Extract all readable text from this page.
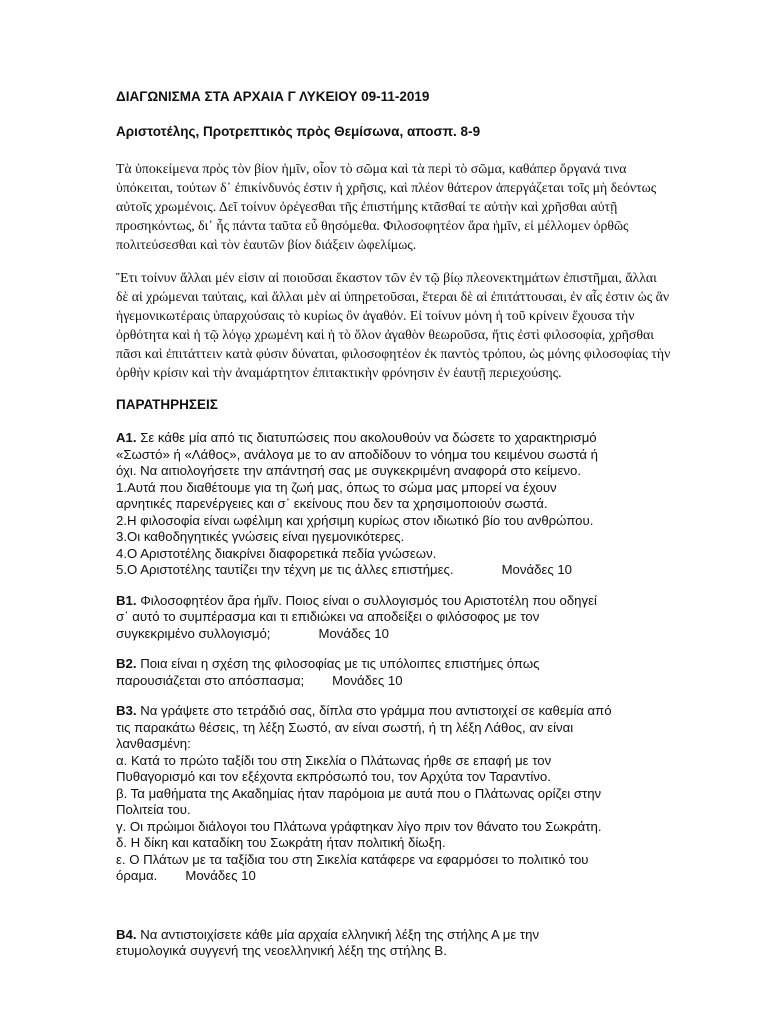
ΔΙΑΓΩΝΙΣΜΑ ΣΤΑ ΑΡΧΑΙΑ Γ ΛΥΚΕΙΟΥ 09-11-2019
Αριστοτέλης, Προτρεπτικὸς πρὸς Θεμίσωνα, αποσπ. 8-9
Τὰ ὑποκείμενα πρὸς τὸν βίον ἡμῖν, οἷον τὸ σῶμα καὶ τὰ περὶ τὸ σῶμα, καθάπερ ὄργανά τινα ὑπόκειται, τούτων δ᾽ ἐπικίνδυνός ἐστιν ἡ χρῆσις, καὶ πλέον θάτερον ἀπεργάζεται τοῖς μὴ δεόντως αὐτοῖς χρωμένοις. Δεῖ τοίνυν ὀρέγεσθαι τῆς ἐπιστήμης κτᾶσθαί τε αὐτὴν καὶ χρῆσθαι αὐτῇ προσηκόντως, δι᾽ ἧς πάντα ταῦτα εὖ θησόμεθα. Φιλοσοφητέον ἄρα ἡμῖν, εἰ μέλλομεν ὀρθῶς πολιτεύσεσθαι καὶ τὸν ἑαυτῶν βίον διάξειν ὠφελίμως.
Ἔτι τοίνυν ἄλλαι μέν εἰσιν αἱ ποιοῦσαι ἕκαστον τῶν ἐν τῷ βίῳ πλεονεκτημάτων ἐπιστῆμαι, ἄλλαι δὲ αἱ χρώμεναι ταύταις, καὶ ἄλλαι μὲν αἱ ὑπηρετοῦσαι, ἕτεραι δὲ αἱ ἐπιτάττουσαι, ἐν αἷς ἐστιν ὡς ἂν ἡγεμονικωτέραις ὑπαρχούσαις τὸ κυρίως ὂν ἀγαθόν. Εἰ τοίνυν μόνη ἡ τοῦ κρίνειν ἔχουσα τὴν ὀρθότητα καὶ ἡ τῷ λόγῳ χρωμένη καὶ ἡ τὸ ὅλον ἀγαθὸν θεωροῦσα, ἥτις ἐστὶ φιλοσοφία, χρῆσθαι πᾶσι καὶ ἐπιτάττειν κατὰ φύσιν δύναται, φιλοσοφητέον ἐκ παντὸς τρόπου, ὡς μόνης φιλοσοφίας τὴν ὀρθὴν κρίσιν καὶ τὴν ἀναμάρτητον ἐπιτακτικὴν φρόνησιν ἐν ἑαυτῇ περιεχούσης.
ΠΑΡΑΤΗΡΗΣΕΙΣ
Α1. Σε κάθε μία από τις διατυπώσεις που ακολουθούν να δώσετε το χαρακτηρισμό
«Σωστό» ή «Λάθος», ανάλογα με το αν αποδίδουν το νόημα του κειμένου σωστά ή
όχι. Να αιτιολογήσετε την απάντησή σας με συγκεκριμένη αναφορά στο κείμενο.
1.Αυτά που διαθέτουμε για τη ζωή μας, όπως το σώμα μας μπορεί να έχουν
αρνητικές παρενέργειες και σ᾽ εκείνους που δεν τα χρησιμοποιούν σωστά.
2.Η φιλοσοφία είναι ωφέλιμη και χρήσιμη κυρίως στον ιδιωτικό βίο του ανθρώπου.
3.Οι καθοδηγητικές γνώσεις είναι ηγεμονικότερες.
4.Ο Αριστοτέλης διακρίνει διαφορετικά πεδία γνώσεων.
5.Ο Αριστοτέλης ταυτίζει την τέχνη με τις άλλες επιστήμες.	Μονάδες 10
Β1. Φιλοσοφητέον ἄρα ἡμῖν. Ποιος είναι ο συλλογισμός του Αριστοτέλη που οδηγεί
σ᾽ αυτό το συμπέρασμα και τι επιδιώκει να αποδείξει ο φιλόσοφος με τον
συγκεκριμένο συλλογισμό;	Μονάδες 10
Β2. Ποια είναι η σχέση της φιλοσοφίας με τις υπόλοιπες επιστήμες όπως
παρουσιάζεται στο απόσπασμα; Μονάδες 10
Β3. Να γράψετε στο τετράδιό σας, δίπλα στο γράμμα που αντιστοιχεί σε καθεμία από
τις παρακάτω θέσεις, τη λέξη Σωστό, αν είναι σωστή, ή τη λέξη Λάθος, αν είναι
λανθασμένη:
α. Κατά το πρώτο ταξίδι του στη Σικελία ο Πλάτωνας ήρθε σε επαφή με τον
Πυθαγορισμό και τον εξέχοντα εκπρόσωπό του, τον Αρχύτα τον Ταραντίνο.
β. Τα μαθήματα της Ακαδημίας ήταν παρόμοια με αυτά που ο Πλάτωνας ορίζει στην
Πολιτεία του.
γ. Οι πρώιμοι διάλογοι του Πλάτωνα γράφτηκαν λίγο πριν τον θάνατο του Σωκράτη.
δ. Η δίκη και καταδίκη του Σωκράτη ήταν πολιτική δίωξη.
ε. Ο Πλάτων με τα ταξίδια του στη Σικελία κατάφερε να εφαρμόσει το πολιτικό του
όραμα. Μονάδες 10
Β4. Να αντιστοιχίσετε κάθε μία αρχαία ελληνική λέξη της στήλης Α με την
ετυμολογικά συγγενή της νεοελληνική λέξη της στήλης Β.
